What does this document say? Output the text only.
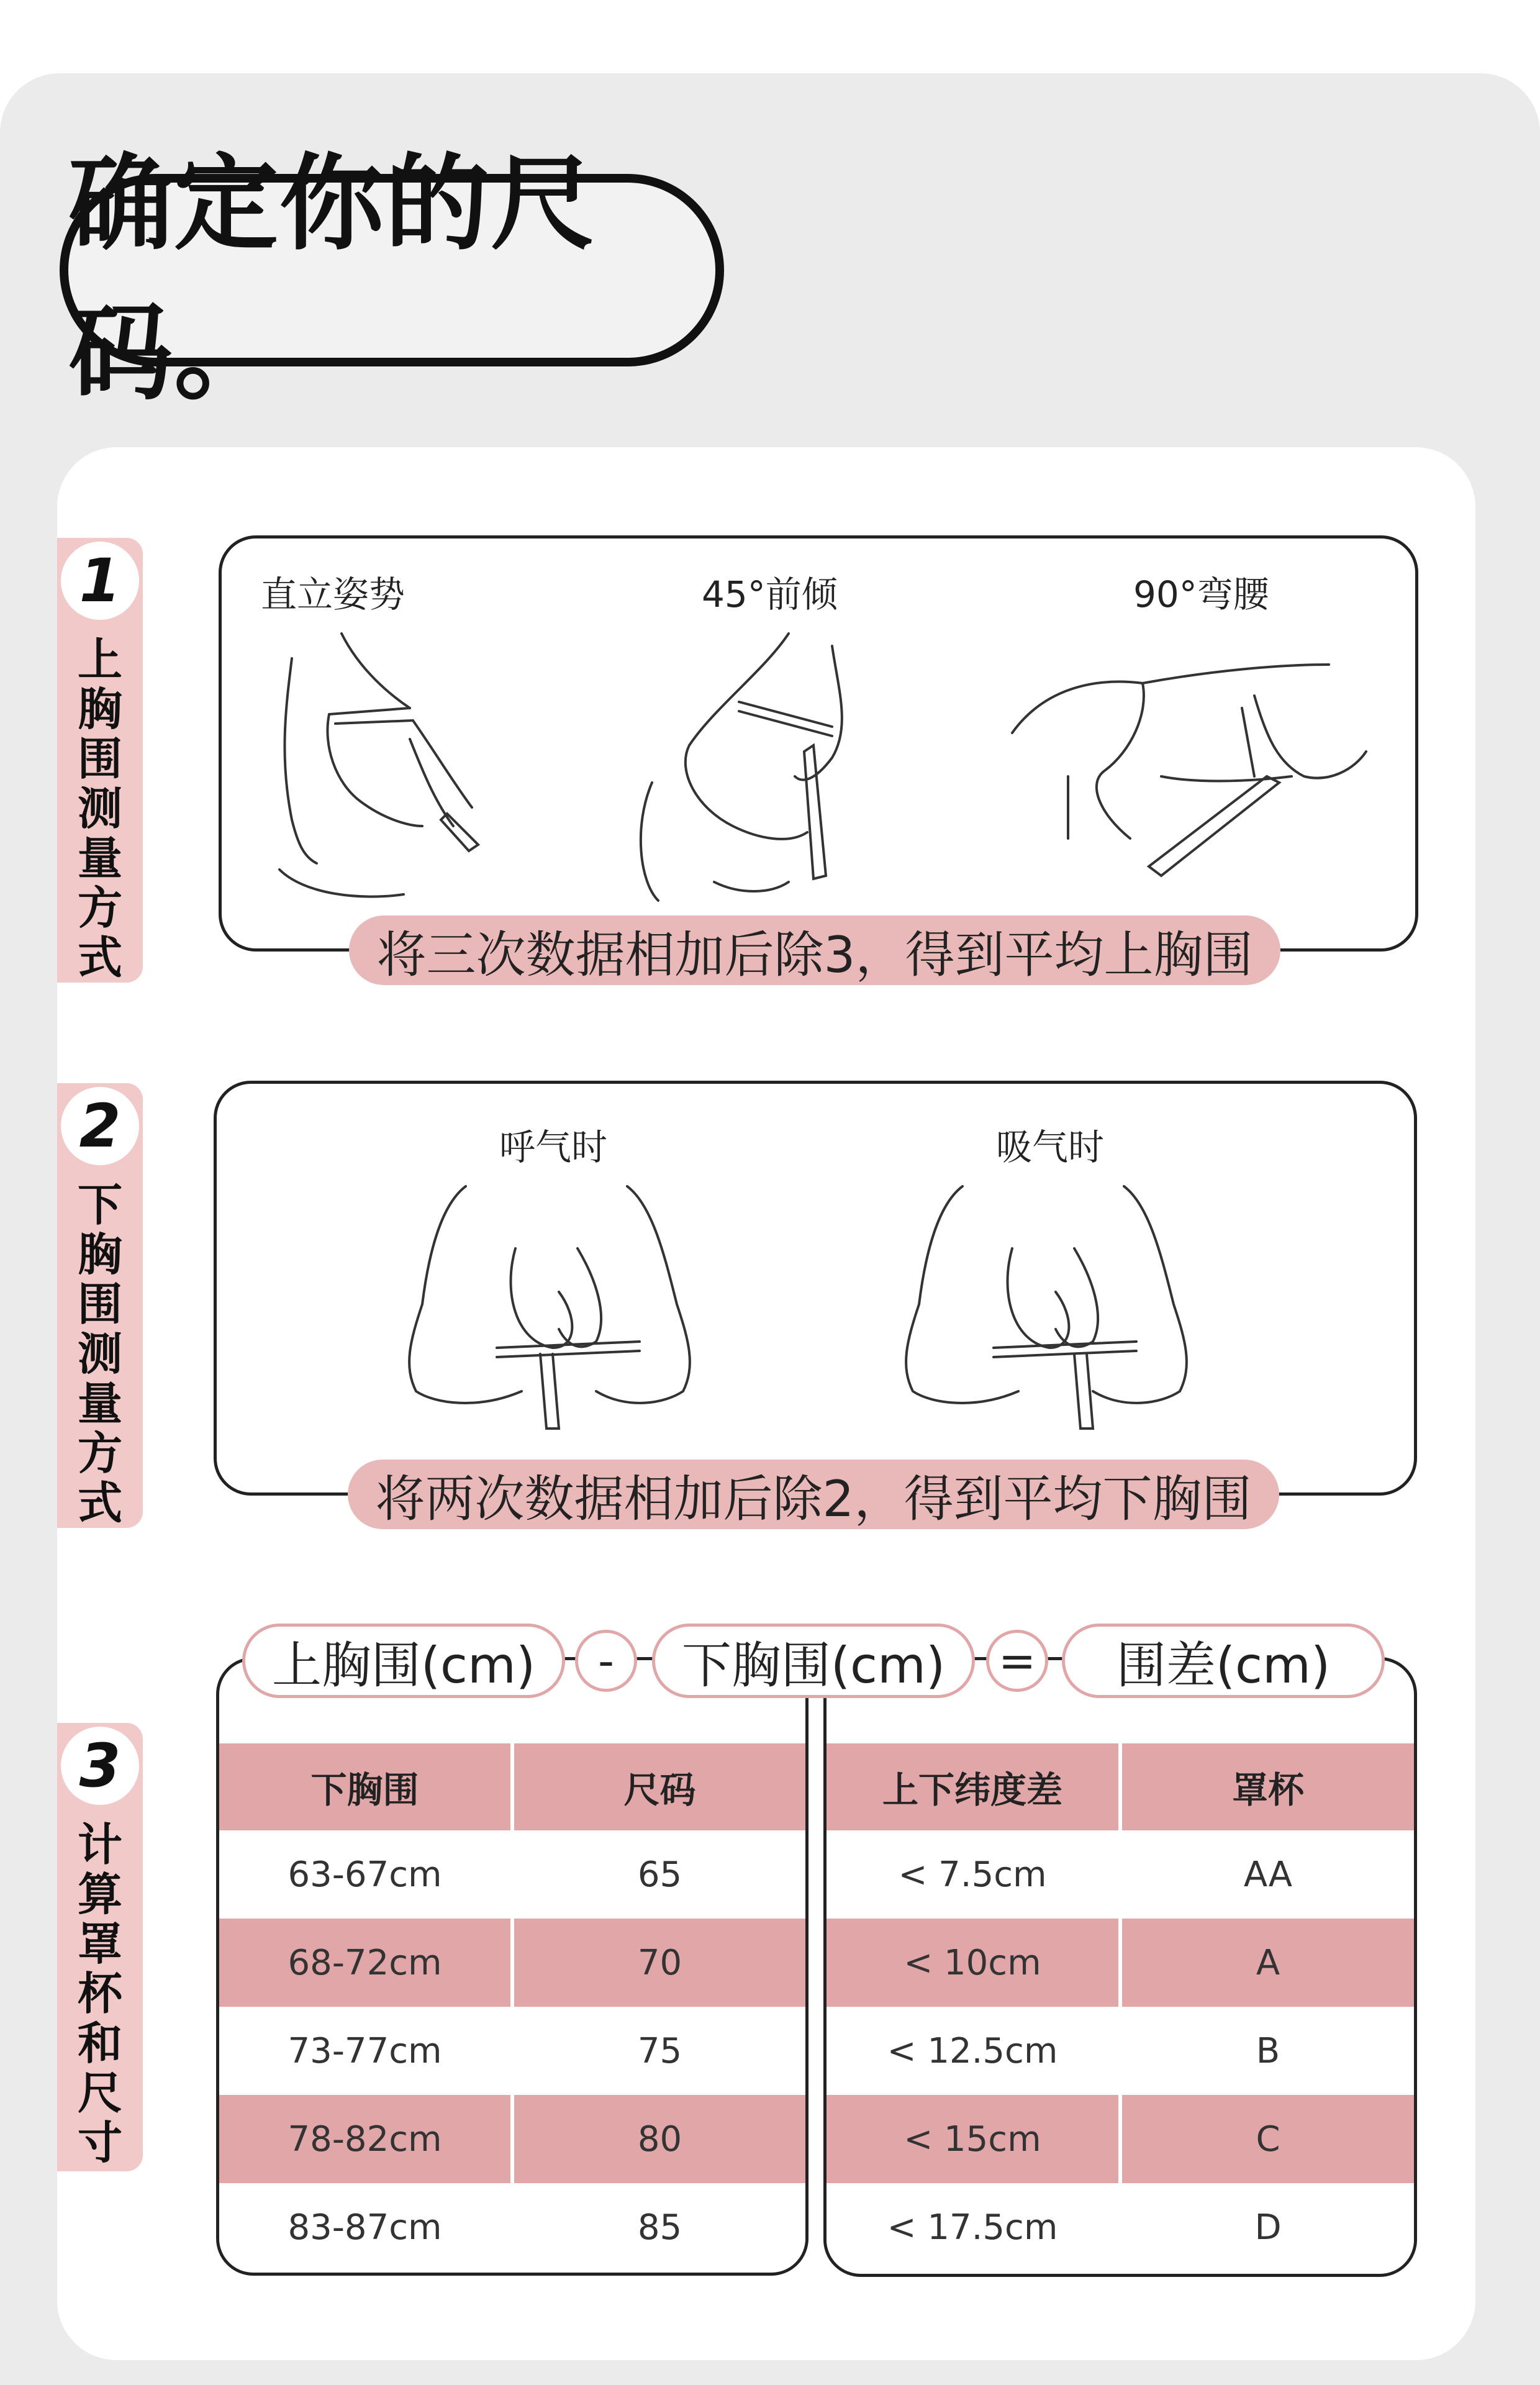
确定你的尺码。
1
上胸围测量方式
直立姿势	45°前倾	90°弯腰
将三次数据相加后除3，得到平均上胸围
2
下胸围测量方式
呼气时	吸气时
将两次数据相加后除2，得到平均下胸围
3
计算罩杯和尺寸
下胸围	尺码
63-67cm	65
68-72cm	70
73-77cm	75
78-82cm	80
83-87cm	85
上下纬度差	罩杯
< 7.5cm	AA
< 10cm	A
< 12.5cm	B
< 15cm	C
< 17.5cm	D
上胸围(cm)	-	下胸围(cm)	=	围差(cm)
